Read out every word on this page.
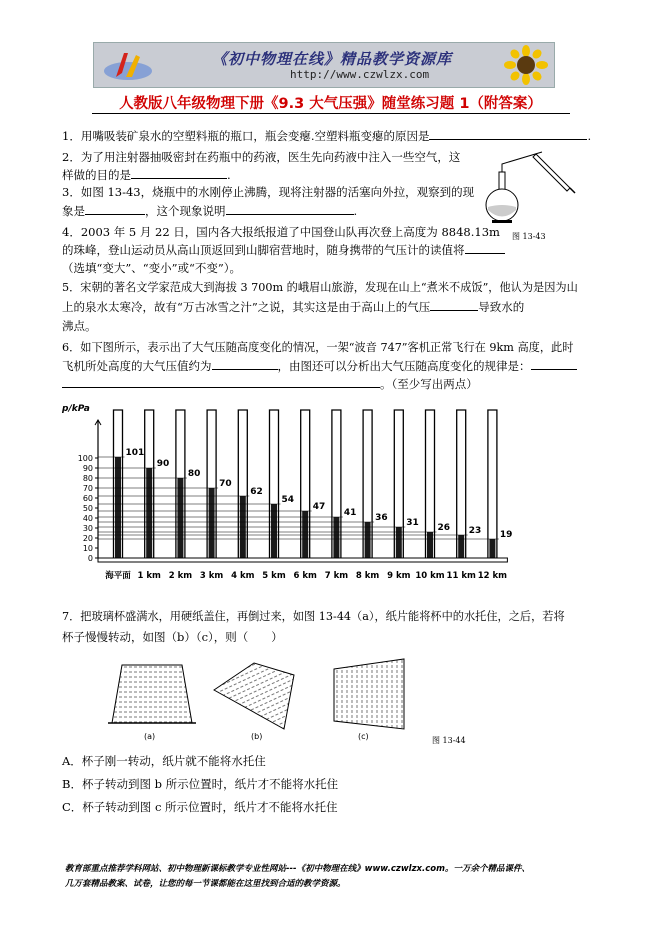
《初中物理在线》精品教学资源库
http://www.czwlzx.com
人教版八年级物理下册《9.3 大气压强》随堂练习题 1（附答案）
1．用嘴吸装矿泉水的空塑料瓶的瓶口，瓶会变瘪.空塑料瓶变瘪的原因是	.
2．为了用注射器抽吸密封在药瓶中的药液，医生先向药液中注入一些空气，这
样做的目的是	.
图 13-43
3．如图 13-43，烧瓶中的水刚停止沸腾，现将注射器的活塞向外拉，观察到的现
象是	，这个现象说明	.
4．2003 年 5 月 22 日，国内各大报纸报道了中国登山队再次登上高度为 8848.13m
的珠峰，登山运动员从高山顶返回到山脚宿营地时，随身携带的气压计的读值将
（选填“变大”、“变小”或“不变”）。
5．宋朝的著名文学家范成大到海拔 3 700m 的峨眉山旅游，发现在山上“煮米不成饭”，他认为是因为山
上的泉水太寒冷，故有“万古冰雪之汁”之说，其实这是由于高山上的气压	导致水的
沸点。
6．如下图所示，表示出了大气压随高度变化的情况，一架“波音 747”客机正常飞行在 9km 高度，此时
飞机所处高度的大气压值约为	，由图还可以分析出大气压随高度变化的规律是：
。（至少写出两点）
p/kPa
0
10
20
30
40
50
60
70
80
90
100
101
90
80
70
62
54
47
41 36 31 26 23 19
海平面 1 km 2 km 3 km 4 km 5 km 6 km 7 km 8 km 9 km 10 km 11 km 12 km
7．把玻璃杯盛满水，用硬纸盖住，再倒过来，如图 13-44（a），纸片能将杯中的水托住，之后，若将
杯子慢慢转动，如图（b）（c），则（　　）
(a)	(b)	(c)	图 13-44
A．杯子刚一转动，纸片就不能将水托住
B．杯子转动到图 b 所示位置时，纸片才不能将水托住
C．杯子转动到图 c 所示位置时，纸片才不能将水托住
教育部重点推荐学科网站、初中物理新课标教学专业性网站---《初中物理在线》www.czwlzx.com。一万余个精品课件、
几万套精品教案、试卷，让您的每一节课都能在这里找到合适的教学资源。
